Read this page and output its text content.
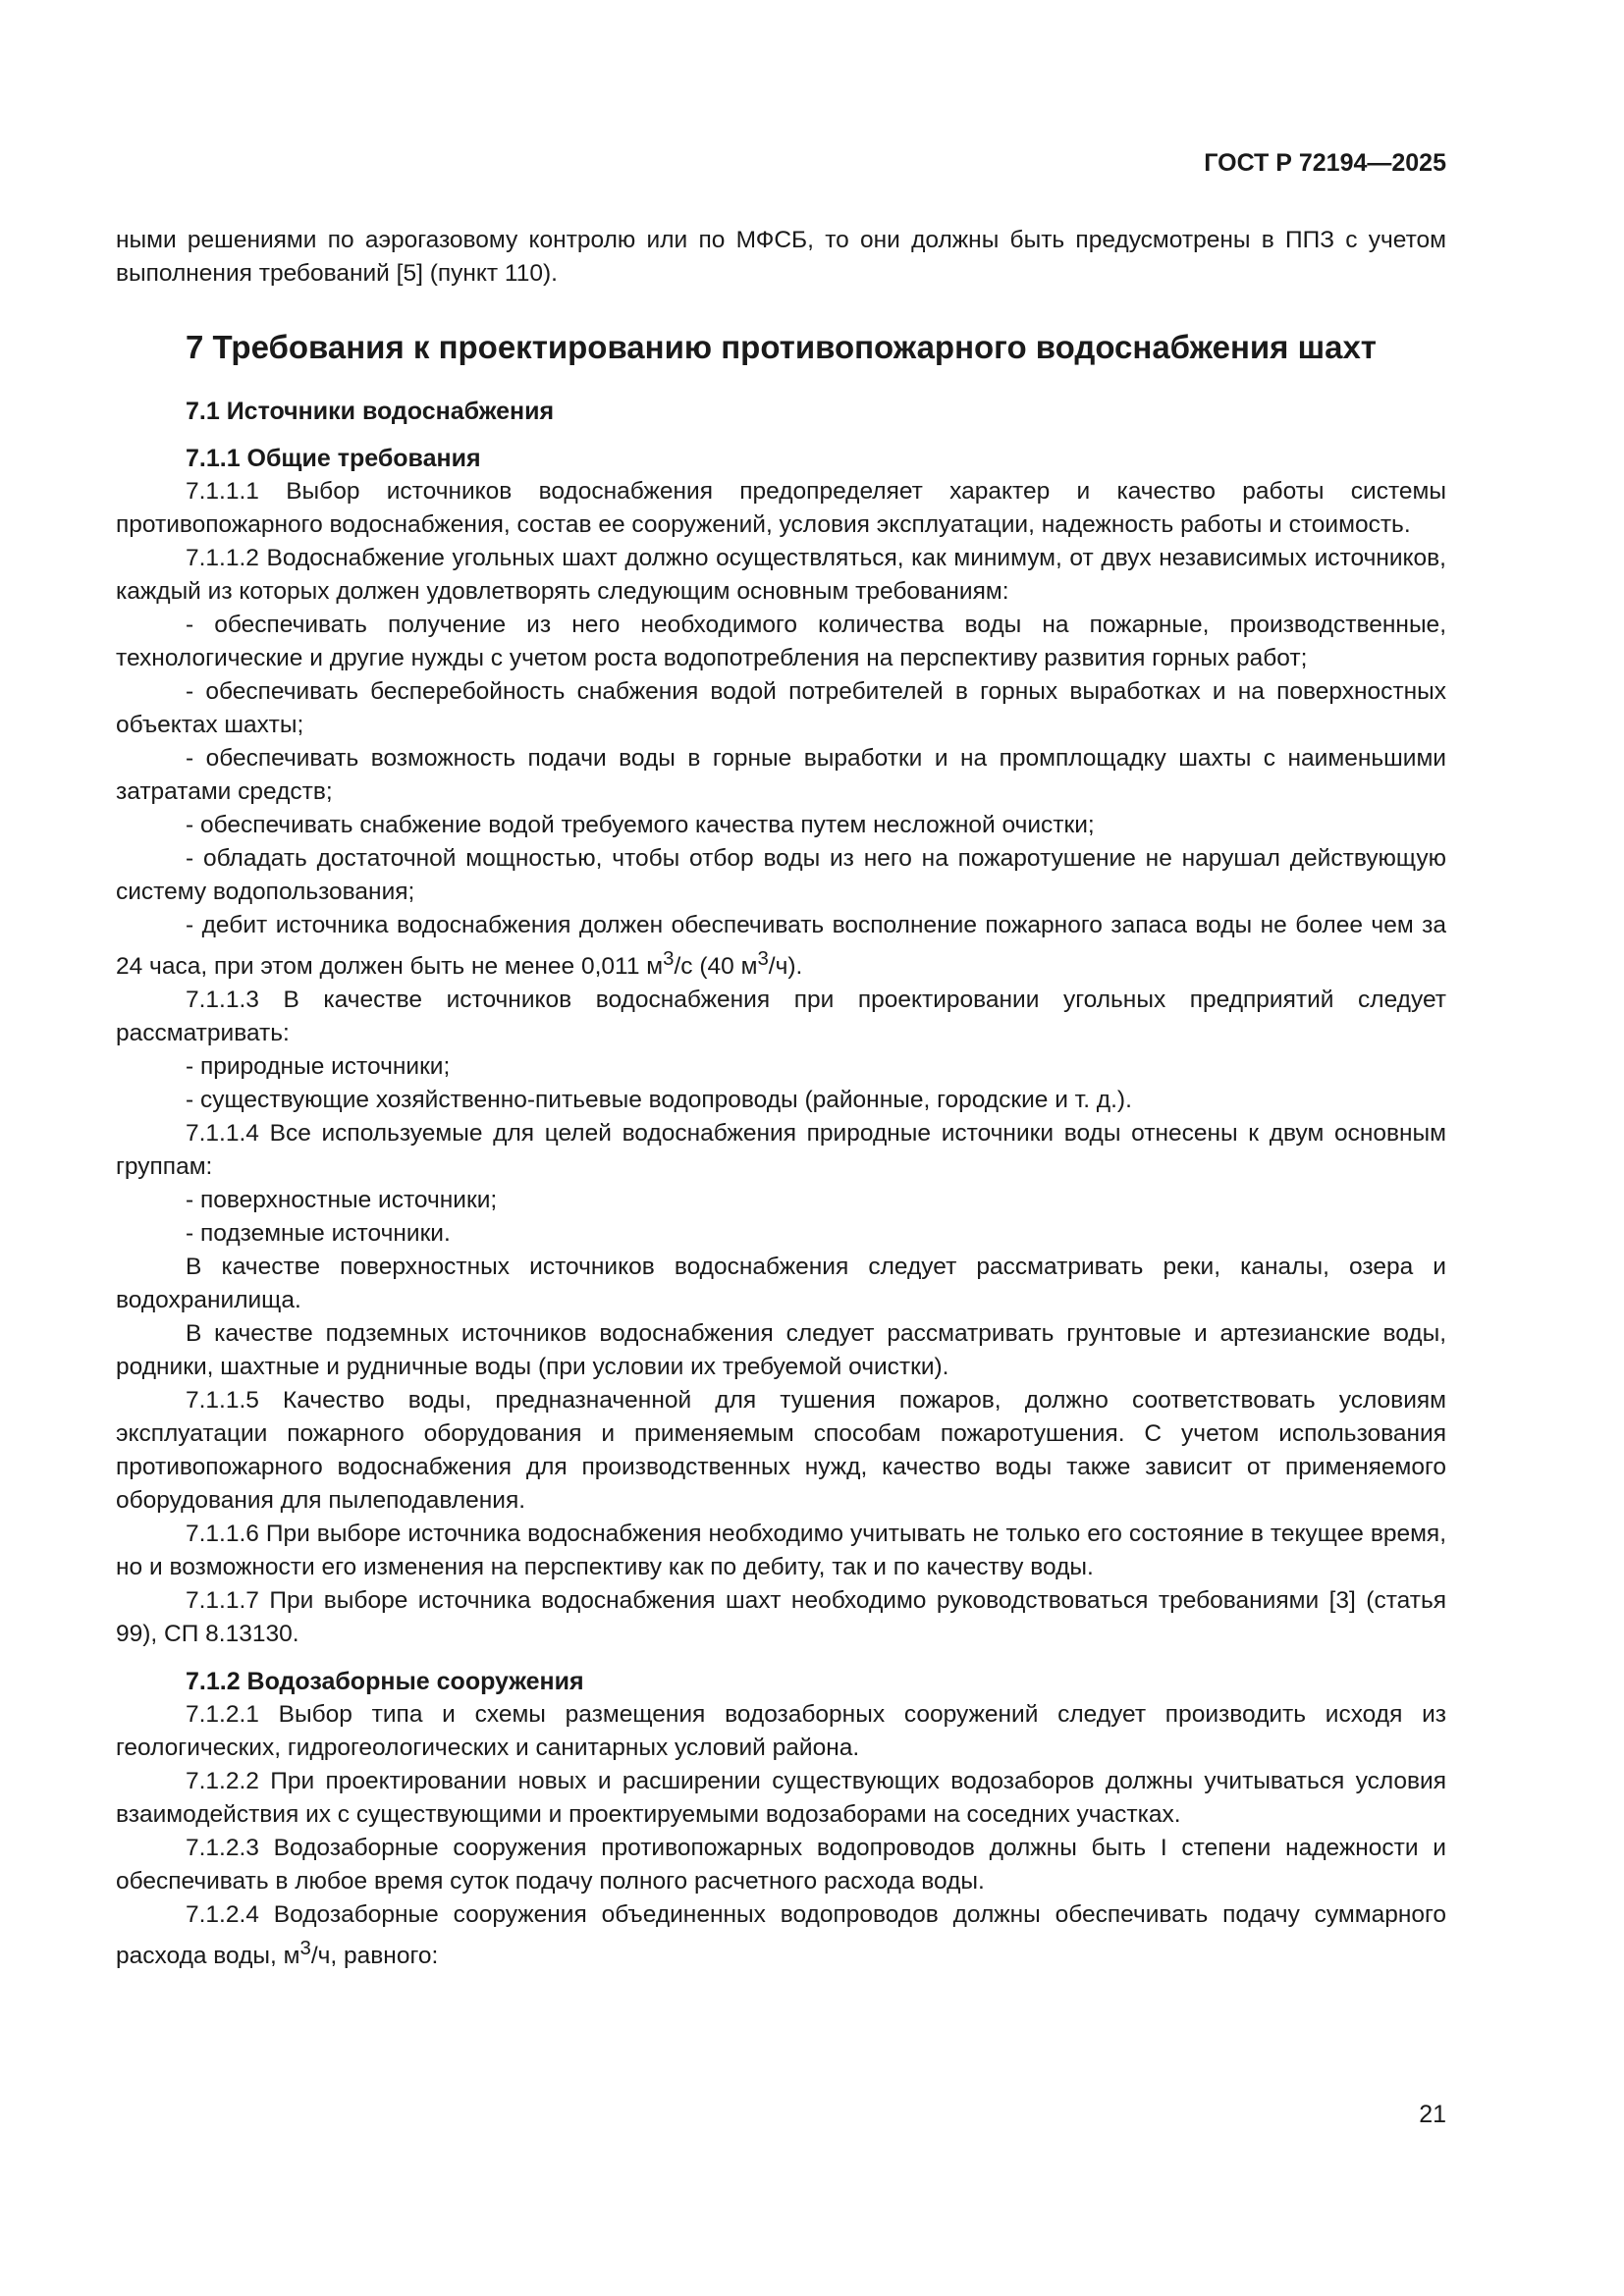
ГОСТ Р 72194—2025

ными решениями по аэрогазовому контролю или по МФСБ, то они должны быть предусмотрены в ППЗ с учетом выполнения требований [5] (пункт 110).

7 Требования к проектированию противопожарного водоснабжения шахт
7.1 Источники водоснабжения
7.1.1 Общие требования

7.1.1.1 Выбор источников водоснабжения предопределяет характер и качество работы системы противопожарного водоснабжения, состав ее сооружений, условия эксплуатации, надежность работы и стоимость.

7.1.1.2 Водоснабжение угольных шахт должно осуществляться, как минимум, от двух независимых источников, каждый из которых должен удовлетворять следующим основным требованиям:

- обеспечивать получение из него необходимого количества воды на пожарные, производственные, технологические и другие нужды с учетом роста водопотребления на перспективу развития горных работ;

- обеспечивать бесперебойность снабжения водой потребителей в горных выработках и на поверхностных объектах шахты;

- обеспечивать возможность подачи воды в горные выработки и на промплощадку шахты с наименьшими затратами средств;

- обеспечивать снабжение водой требуемого качества путем несложной очистки;

- обладать достаточной мощностью, чтобы отбор воды из него на пожаротушение не нарушал действующую систему водопользования;

- дебит источника водоснабжения должен обеспечивать восполнение пожарного запаса воды не более чем за 24 часа, при этом должен быть не менее 0,011 $м^3/с$ (40 $м^3/ч$).

7.1.1.3 В качестве источников водоснабжения при проектировании угольных предприятий следует рассматривать:

- природные источники;

- существующие хозяйственно-питьевые водопроводы (районные, городские и т. д.).

7.1.1.4 Все используемые для целей водоснабжения природные источники воды отнесены к двум основным группам:

- поверхностные источники;

- подземные источники.

В качестве поверхностных источников водоснабжения следует рассматривать реки, каналы, озера и водохранилища.

В качестве подземных источников водоснабжения следует рассматривать грунтовые и артезианские воды, родники, шахтные и рудничные воды (при условии их требуемой очистки).

7.1.1.5 Качество воды, предназначенной для тушения пожаров, должно соответствовать условиям эксплуатации пожарного оборудования и применяемым способам пожаротушения. С учетом использования противопожарного водоснабжения для производственных нужд, качество воды также зависит от применяемого оборудования для пылеподавления.

7.1.1.6 При выборе источника водоснабжения необходимо учитывать не только его состояние в текущее время, но и возможности его изменения на перспективу как по дебиту, так и по качеству воды.

7.1.1.7 При выборе источника водоснабжения шахт необходимо руководствоваться требованиями [3] (статья 99), СП 8.13130.

7.1.2 Водозаборные сооружения

7.1.2.1 Выбор типа и схемы размещения водозаборных сооружений следует производить исходя из геологических, гидрогеологических и санитарных условий района.

7.1.2.2 При проектировании новых и расширении существующих водозаборов должны учитываться условия взаимодействия их с существующими и проектируемыми водозаборами на соседних участках.

7.1.2.3 Водозаборные сооружения противопожарных водопроводов должны быть I степени надежности и обеспечивать в любое время суток подачу полного расчетного расхода воды.

7.1.2.4 Водозаборные сооружения объединенных водопроводов должны обеспечивать подачу суммарного расхода воды, $м^3/ч$, равного:

21
